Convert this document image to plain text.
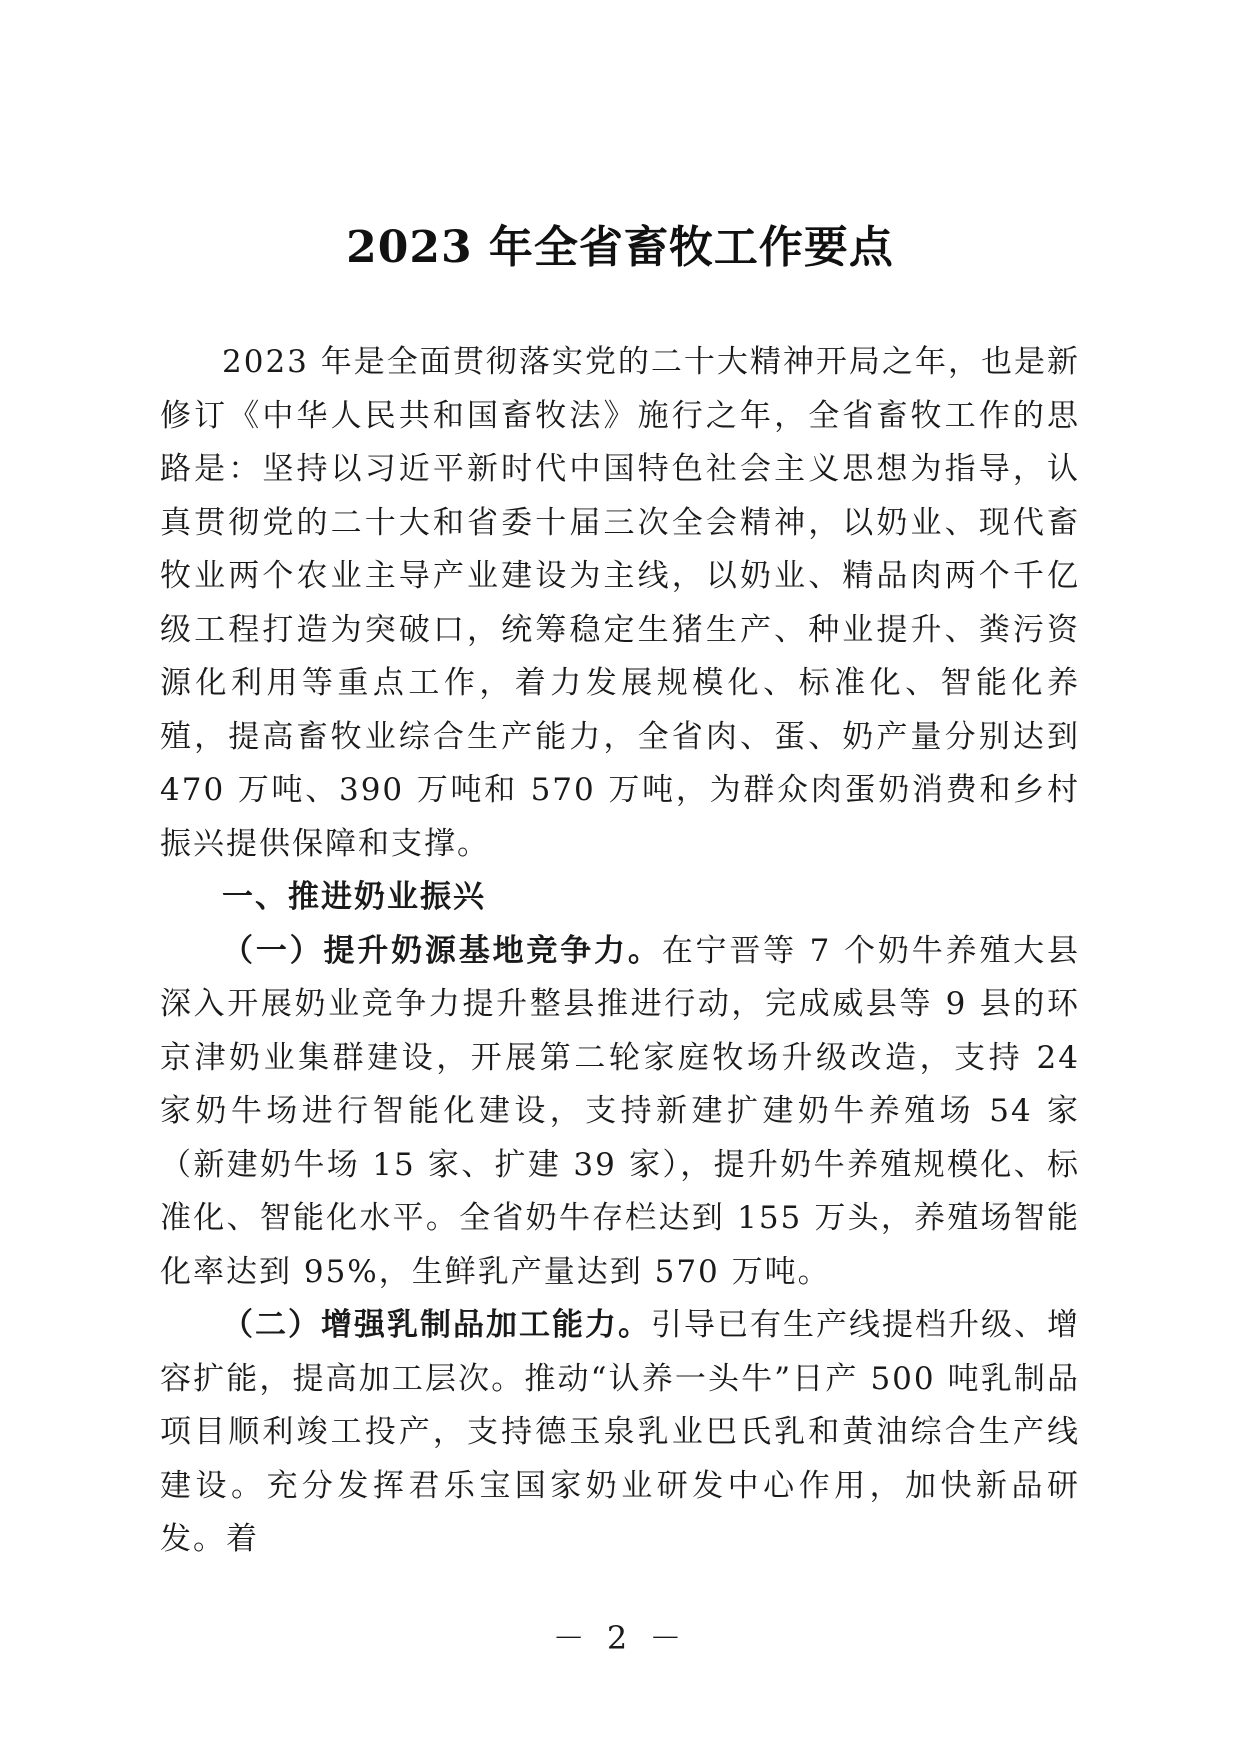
2023 年全省畜牧工作要点

2023 年是全面贯彻落实党的二十大精神开局之年，也是新修订《中华人民共和国畜牧法》施行之年，全省畜牧工作的思路是：坚持以习近平新时代中国特色社会主义思想为指导，认真贯彻党的二十大和省委十届三次全会精神，以奶业、现代畜牧业两个农业主导产业建设为主线，以奶业、精品肉两个千亿级工程打造为突破口，统筹稳定生猪生产、种业提升、粪污资源化利用等重点工作，着力发展规模化、标准化、智能化养殖，提高畜牧业综合生产能力，全省肉、蛋、奶产量分别达到 470 万吨、390 万吨和 570 万吨，为群众肉蛋奶消费和乡村振兴提供保障和支撑。

一、推进奶业振兴

（一）提升奶源基地竞争力。在宁晋等 7 个奶牛养殖大县深入开展奶业竞争力提升整县推进行动，完成威县等 9 县的环京津奶业集群建设，开展第二轮家庭牧场升级改造，支持 24 家奶牛场进行智能化建设，支持新建扩建奶牛养殖场 54 家（新建奶牛场 15 家、扩建 39 家），提升奶牛养殖规模化、标准化、智能化水平。全省奶牛存栏达到 155 万头，养殖场智能化率达到 95%，生鲜乳产量达到 570 万吨。

（二）增强乳制品加工能力。引导已有生产线提档升级、增容扩能，提高加工层次。推动“认养一头牛”日产 500 吨乳制品项目顺利竣工投产，支持德玉泉乳业巴氏乳和黄油综合生产线建设。充分发挥君乐宝国家奶业研发中心作用，加快新品研发。着

－ 2 －
